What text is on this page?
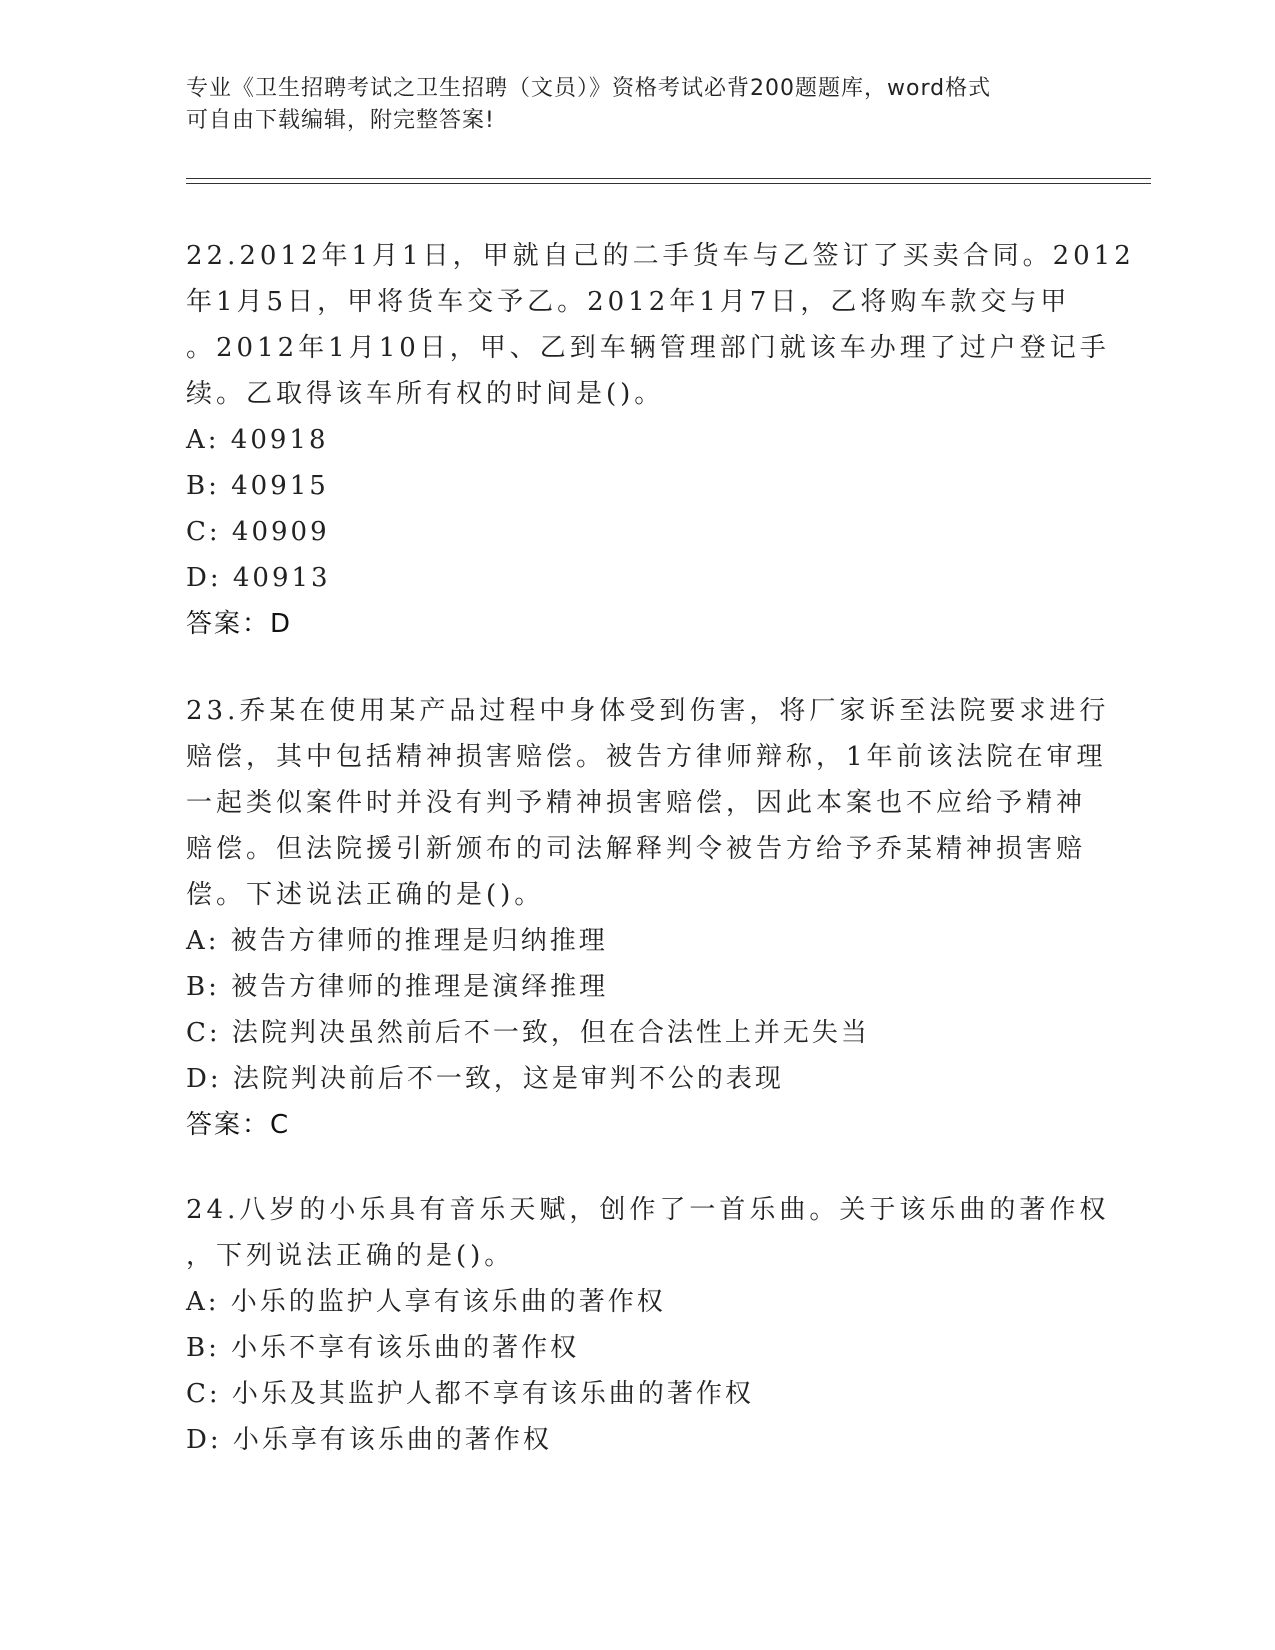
专业《卫生招聘考试之卫生招聘（文员）》资格考试必背200题题库，word格式
可自由下载编辑，附完整答案!
22.2012年1月1日，甲就自己的二手货车与乙签订了买卖合同。2012
年1月5日，甲将货车交予乙。2012年1月7日，乙将购车款交与甲
。2012年1月10日，甲、乙到车辆管理部门就该车办理了过户登记手
续。乙取得该车所有权的时间是()。
A: 40918
B: 40915
C: 40909
D: 40913
答案：D
23.乔某在使用某产品过程中身体受到伤害，将厂家诉至法院要求进行
赔偿，其中包括精神损害赔偿。被告方律师辩称，1年前该法院在审理
一起类似案件时并没有判予精神损害赔偿，因此本案也不应给予精神
赔偿。但法院援引新颁布的司法解释判令被告方给予乔某精神损害赔
偿。下述说法正确的是()。
A: 被告方律师的推理是归纳推理
B: 被告方律师的推理是演绎推理
C: 法院判决虽然前后不一致，但在合法性上并无失当
D: 法院判决前后不一致，这是审判不公的表现
答案：C
24.八岁的小乐具有音乐天赋，创作了一首乐曲。关于该乐曲的著作权
，下列说法正确的是()。
A: 小乐的监护人享有该乐曲的著作权
B: 小乐不享有该乐曲的著作权
C: 小乐及其监护人都不享有该乐曲的著作权
D: 小乐享有该乐曲的著作权
